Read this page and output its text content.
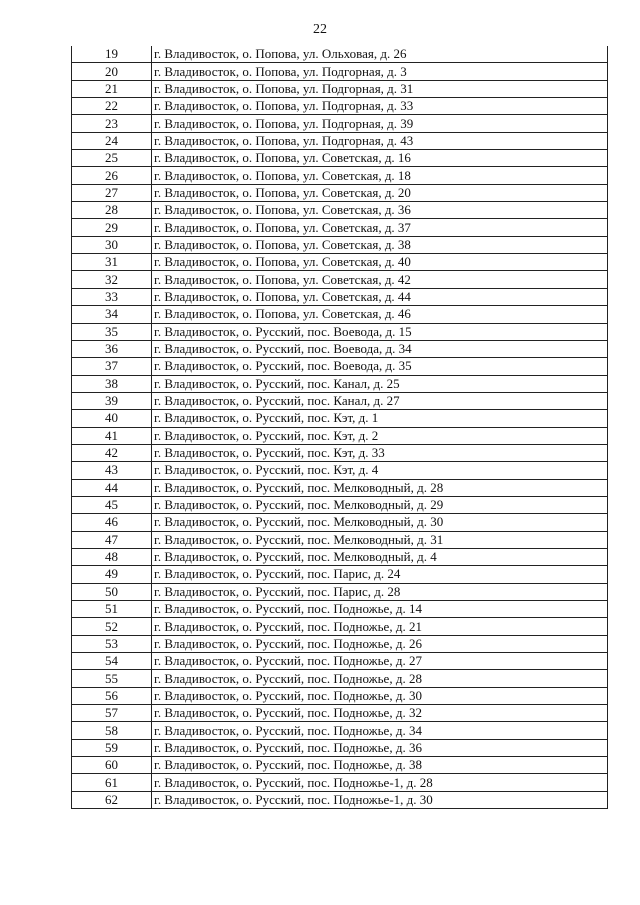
22
19	г. Владивосток, о. Попова, ул. Ольховая, д. 26
20	г. Владивосток, о. Попова, ул. Подгорная, д. 3
21	г. Владивосток, о. Попова, ул. Подгорная, д. 31
22	г. Владивосток, о. Попова, ул. Подгорная, д. 33
23	г. Владивосток, о. Попова, ул. Подгорная, д. 39
24	г. Владивосток, о. Попова, ул. Подгорная, д. 43
25	г. Владивосток, о. Попова, ул. Советская, д. 16
26	г. Владивосток, о. Попова, ул. Советская, д. 18
27	г. Владивосток, о. Попова, ул. Советская, д. 20
28	г. Владивосток, о. Попова, ул. Советская, д. 36
29	г. Владивосток, о. Попова, ул. Советская, д. 37
30	г. Владивосток, о. Попова, ул. Советская, д. 38
31	г. Владивосток, о. Попова, ул. Советская, д. 40
32	г. Владивосток, о. Попова, ул. Советская, д. 42
33	г. Владивосток, о. Попова, ул. Советская, д. 44
34	г. Владивосток, о. Попова, ул. Советская, д. 46
35	г. Владивосток, о. Русский, пос. Воевода, д. 15
36	г. Владивосток, о. Русский, пос. Воевода, д. 34
37	г. Владивосток, о. Русский, пос. Воевода, д. 35
38	г. Владивосток, о. Русский, пос. Канал, д. 25
39	г. Владивосток, о. Русский, пос. Канал, д. 27
40	г. Владивосток, о. Русский, пос. Кэт, д. 1
41	г. Владивосток, о. Русский, пос. Кэт, д. 2
42	г. Владивосток, о. Русский, пос. Кэт, д. 33
43	г. Владивосток, о. Русский, пос. Кэт, д. 4
44	г. Владивосток, о. Русский, пос. Мелководный, д. 28
45	г. Владивосток, о. Русский, пос. Мелководный, д. 29
46	г. Владивосток, о. Русский, пос. Мелководный, д. 30
47	г. Владивосток, о. Русский, пос. Мелководный, д. 31
48	г. Владивосток, о. Русский, пос. Мелководный, д. 4
49	г. Владивосток, о. Русский, пос. Парис, д. 24
50	г. Владивосток, о. Русский, пос. Парис, д. 28
51	г. Владивосток, о. Русский, пос. Подножье, д. 14
52	г. Владивосток, о. Русский, пос. Подножье, д. 21
53	г. Владивосток, о. Русский, пос. Подножье, д. 26
54	г. Владивосток, о. Русский, пос. Подножье, д. 27
55	г. Владивосток, о. Русский, пос. Подножье, д. 28
56	г. Владивосток, о. Русский, пос. Подножье, д. 30
57	г. Владивосток, о. Русский, пос. Подножье, д. 32
58	г. Владивосток, о. Русский, пос. Подножье, д. 34
59	г. Владивосток, о. Русский, пос. Подножье, д. 36
60	г. Владивосток, о. Русский, пос. Подножье, д. 38
61	г. Владивосток, о. Русский, пос. Подножье-1, д. 28
62	г. Владивосток, о. Русский, пос. Подножье-1, д. 30
